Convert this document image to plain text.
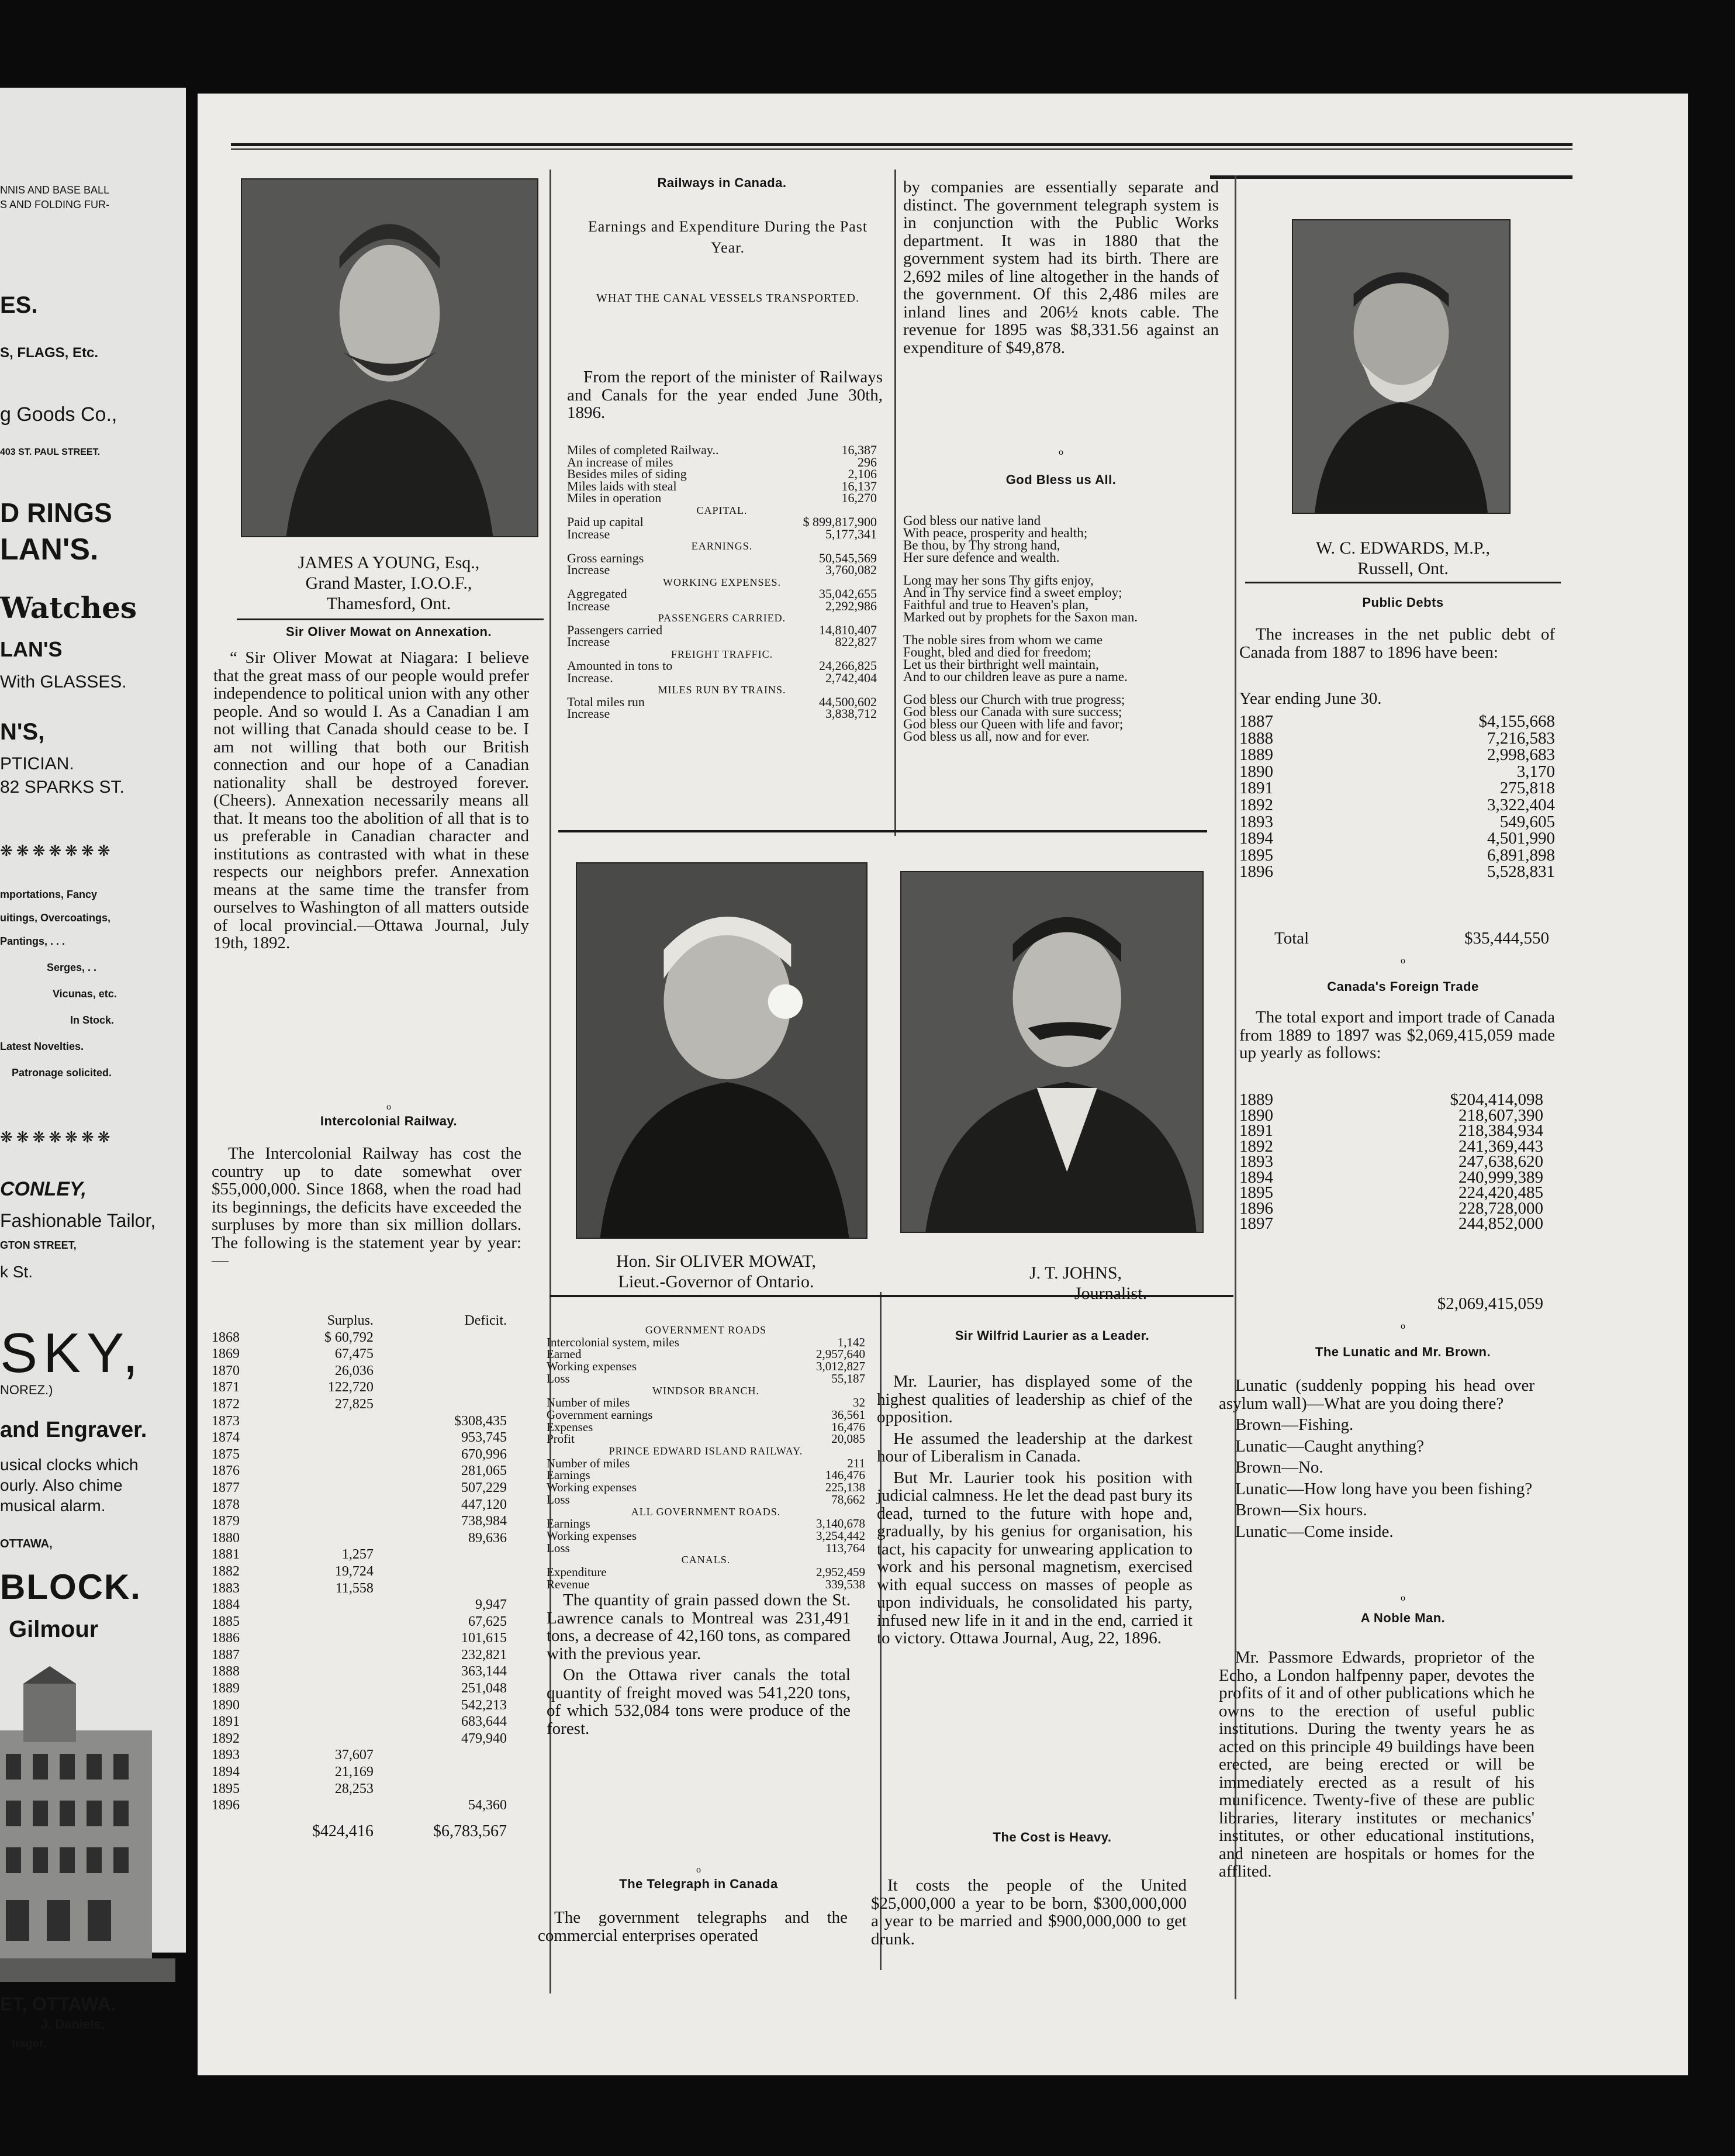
NNIS AND BASE BALL
S AND FOLDING FUR-
ES.
S, FLAGS, Etc.
g Goods Co.,
403 ST. PAUL STREET.
D RINGS
LAN'S.
Watches
LAN'S
With GLASSES.
N'S,
PTICIAN.
82 SPARKS ST.
❋❋❋❋❋❋❋
mportations, Fancy
uitings, Overcoatings,
Pantings, . . .
Serges, . .
Vicunas, etc.
In Stock.
Latest Novelties.
Patronage solicited.
❋❋❋❋❋❋❋
CONLEY,
Fashionable Tailor,
GTON STREET,
k St.
SKY,
NOREZ.)
and Engraver.
usical clocks which
ourly. Also chime
musical alarm.
OTTAWA,
BLOCK.
Gilmour
ET, OTTAWA.
J. Daniels,
nager.
JAMES A YOUNG, Esq.,
Grand Master, I.O.O.F.,
Thamesford, Ont.
Sir Oliver Mowat on Annexation.

“ Sir Oliver Mowat at Niagara: I believe that the great mass of our people would prefer independence to political union with any other people. And so would I. As a Canadian I am not willing that Canada should cease to be. I am not willing that both our British connection and our hope of a Canadian nationality shall be destroyed forever. (Cheers). Annexation necessarily means all that. It means too the abolition of all that is to us preferable in Canadian character and institutions as contrasted with what in these respects our neighbors prefer. Annexation means at the same time the transfer from ourselves to Washington of all matters outside of local provincial.—Ottawa Journal, July 19th, 1892.

o
Intercolonial Railway.

The Intercolonial Railway has cost the country up to date somewhat over $55,000,000. Since 1868, when the road had its beginnings, the deficits have exceeded the surpluses by more than six million dollars. The following is the statement year by year:—

	Surplus.	Deficit.
1868	$ 60,792	
1869	67,475	
1870	26,036	
1871	122,720	
1872	27,825	
1873		$308,435
1874		953,745
1875		670,996
1876		281,065
1877		507,229
1878		447,120
1879		738,984
1880		89,636
1881	1,257	
1882	19,724	
1883	11,558	
1884		9,947
1885		67,625
1886		101,615
1887		232,821
1888		363,144
1889		251,048
1890		542,213
1891		683,644
1892		479,940
1893	37,607	
1894	21,169	
1895	28,253	
1896		54,360
	$424,416	$6,783,567
Railways in Canada.
Earnings and Expenditure During the Past Year.
WHAT THE CANAL VESSELS TRANSPORTED.

From the report of the minister of Railways and Canals for the year ended June 30th, 1896.

Miles of completed Railway..	16,387
An increase of miles	296
Besides miles of siding	2,106
Miles laids with steal	16,137
Miles in operation	16,270
CAPITAL.	
Paid up capital	$ 899,817,900
Increase	5,177,341
EARNINGS.	
Gross earnings	50,545,569
Increase	3,760,082
WORKING EXPENSES.	
Aggregated	35,042,655
Increase	2,292,986
PASSENGERS CARRIED.	
Passengers carried	14,810,407
Increase	822,827
FREIGHT TRAFFIC.	
Amounted in tons to	24,266,825
Increase.	2,742,404
MILES RUN BY TRAINS.	
Total miles run	44,500,602
Increase	3,838,712

by companies are essentially separate and distinct. The government telegraph system is in conjunction with the Public Works department. It was in 1880 that the government system had its birth. There are 2,692 miles of line altogether in the hands of the government. Of this 2,486 miles are inland lines and 206½ knots cable. The revenue for 1895 was $8,331.56 against an expenditure of $49,878.

o
God Bless us All.
God bless our native land
With peace, prosperity and health;
Be thou, by Thy strong hand,
Her sure defence and wealth.
Long may her sons Thy gifts enjoy,
And in Thy service find a sweet employ;
Faithful and true to Heaven's plan,
Marked out by prophets for the Saxon man.
The noble sires from whom we came
Fought, bled and died for freedom;
Let us their birthright well maintain,
And to our children leave as pure a name.
God bless our Church with true progress;
God bless our Canada with sure success;
God bless our Queen with life and favor;
God bless us all, now and for ever.
W. C. EDWARDS, M.P.,
Russell, Ont.
Public Debts

The increases in the net public debt of Canada from 1887 to 1896 have been:

Year ending June 30.
1887	$4,155,668
1888	7,216,583
1889	2,998,683
1890	3,170
1891	275,818
1892	3,322,404
1893	549,605
1894	4,501,990
1895	6,891,898
1896	5,528,831
Total	$35,444,550
o
Canada's Foreign Trade

The total export and import trade of Canada from 1889 to 1897 was $2,069,415,059 made up yearly as follows:

1889	$204,414,098
1890	218,607,390
1891	218,384,934
1892	241,369,443
1893	247,638,620
1894	240,999,389
1895	224,420,485
1896	228,728,000
1897	244,852,000
$2,069,415,059
o
The Lunatic and Mr. Brown.

Lunatic (suddenly popping his head over asylum wall)—What are you doing there?

Brown—Fishing.

Lunatic—Caught anything?

Brown—No.

Lunatic—How long have you been fishing?

Brown—Six hours.

Lunatic—Come inside.

o
A Noble Man.

Mr. Passmore Edwards, proprietor of the Echo, a London halfpenny paper, devotes the profits of it and of other publications which he owns to the erection of useful public institutions. During the twenty years he as acted on this principle 49 buildings have been erected, are being erected or will be immediately erected as a result of his munificence. Twenty-five of these are public libraries, literary institutes or mechanics' institutes, or other educational institutions, and nineteen are hospitals or homes for the afflited.

Hon. Sir OLIVER MOWAT,
Lieut.-Governor of Ontario.	J. T. JOHNS,
Journalist.
GOVERNMENT ROADS	
Intercolonial system, miles	1,142
Earned	2,957,640
Working expenses	3,012,827
Loss	55,187
WINDSOR BRANCH.	
Number of miles	32
Government earnings	36,561
Expenses	16,476
Profit	20,085
PRINCE EDWARD ISLAND RAILWAY.	
Number of miles	211
Earnings	146,476
Working expenses	225,138
Loss	78,662
ALL GOVERNMENT ROADS.	
Earnings	3,140,678
Working expenses	3,254,442
Loss	113,764
CANALS.	
Expenditure	2,952,459
Revenue	339,538

The quantity of grain passed down the St. Lawrence canals to Montreal was 231,491 tons, a decrease of 42,160 tons, as compared with the previous year.

On the Ottawa river canals the total quantity of freight moved was 541,220 tons, of which 532,084 tons were produce of the forest.

o
The Telegraph in Canada

The government telegraphs and the commercial enterprises operated

Sir Wilfrid Laurier as a Leader.

Mr. Laurier, has displayed some of the highest qualities of leadership as chief of the opposition.

He assumed the leadership at the darkest hour of Liberalism in Canada.

But Mr. Laurier took his position with judicial calmness. He let the dead past bury its dead, turned to the future with hope and, gradually, by his genius for organisation, his tact, his capacity for unwearing application to work and his personal magnetism, exercised with equal success on masses of people as upon individuals, he consolidated his party, infused new life in it and in the end, carried it to victory. Ottawa Journal, Aug, 22, 1896.

The Cost is Heavy.

It costs the people of the United $25,000,000 a year to be born, $300,000,000 a year to be married and $900,000,000 to get drunk.
